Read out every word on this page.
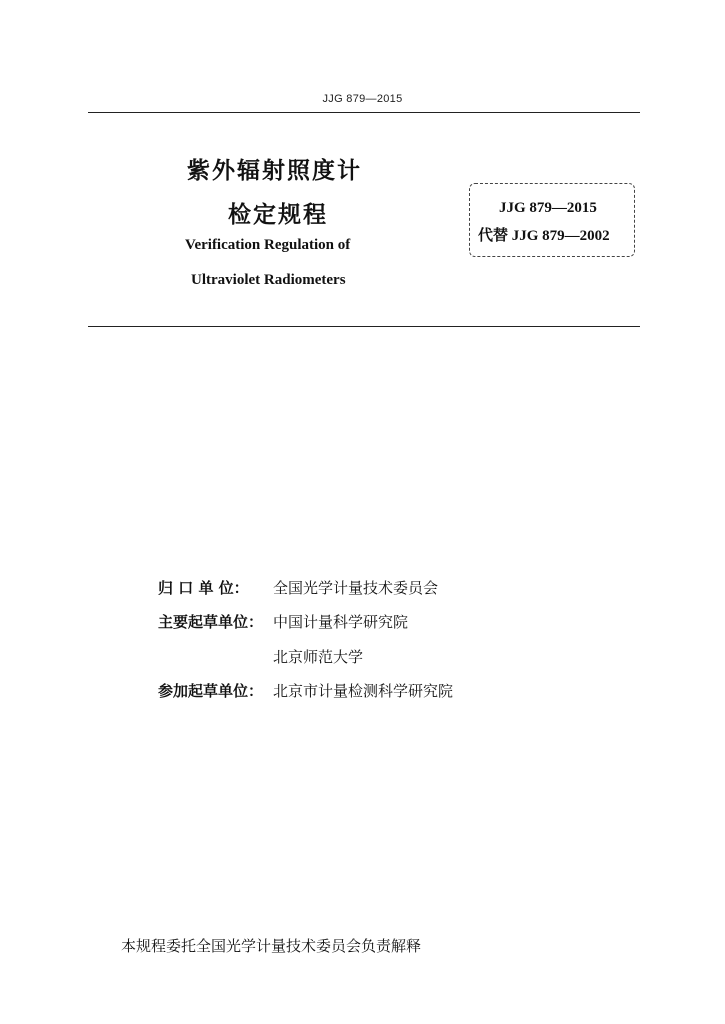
JJG 879—2015
紫外辐射照度计
检定规程
Verification Regulation of
Ultraviolet Radiometers
JJG 879—2015
代替 JJG 879—2002
归 口 单 位： 全国光学计量技术委员会
主要起草单位： 中国计量科学研究院
北京师范大学
参加起草单位： 北京市计量检测科学研究院
本规程委托全国光学计量技术委员会负责解释
